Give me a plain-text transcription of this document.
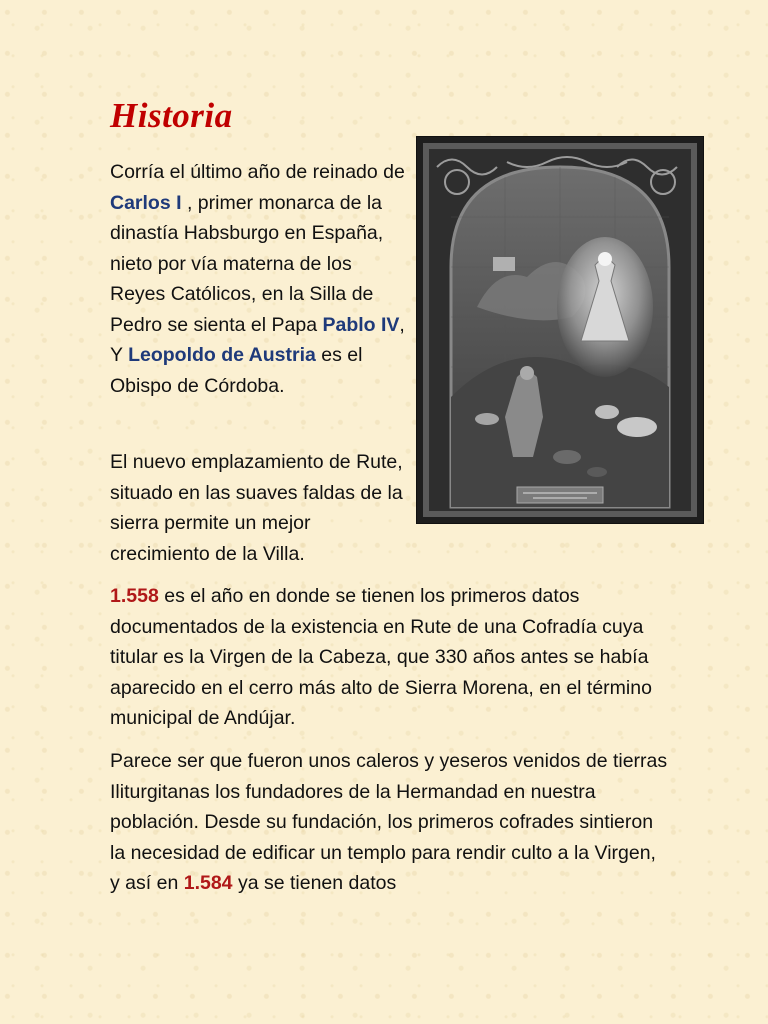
Historia

Corría el último año de reinado de Carlos I , primer monarca de la dinastía Habsburgo en España, nieto por vía materna de los Reyes Católicos, en la Silla de Pedro se sienta el Papa Pablo IV, Y Leopoldo de Austria es el Obispo de Córdoba.

El nuevo emplazamiento de Rute, situado en las suaves faldas de la sierra permite un mejor crecimiento de la Villa.

1.558 es el año en donde se tienen los primeros datos documentados de la existencia en Rute de una Cofradía cuya titular es la Virgen de la Cabeza, que 330 años antes se había aparecido en el cerro más alto de Sierra Morena, en el término municipal de Andújar.

Parece ser que fueron unos caleros y yeseros venidos de tierras Iliturgitanas los fundadores de la Hermandad en nuestra población. Desde su fundación, los primeros cofrades sintieron la necesidad de edificar un templo para rendir culto a la Virgen, y así en 1.584 ya se tienen datos
